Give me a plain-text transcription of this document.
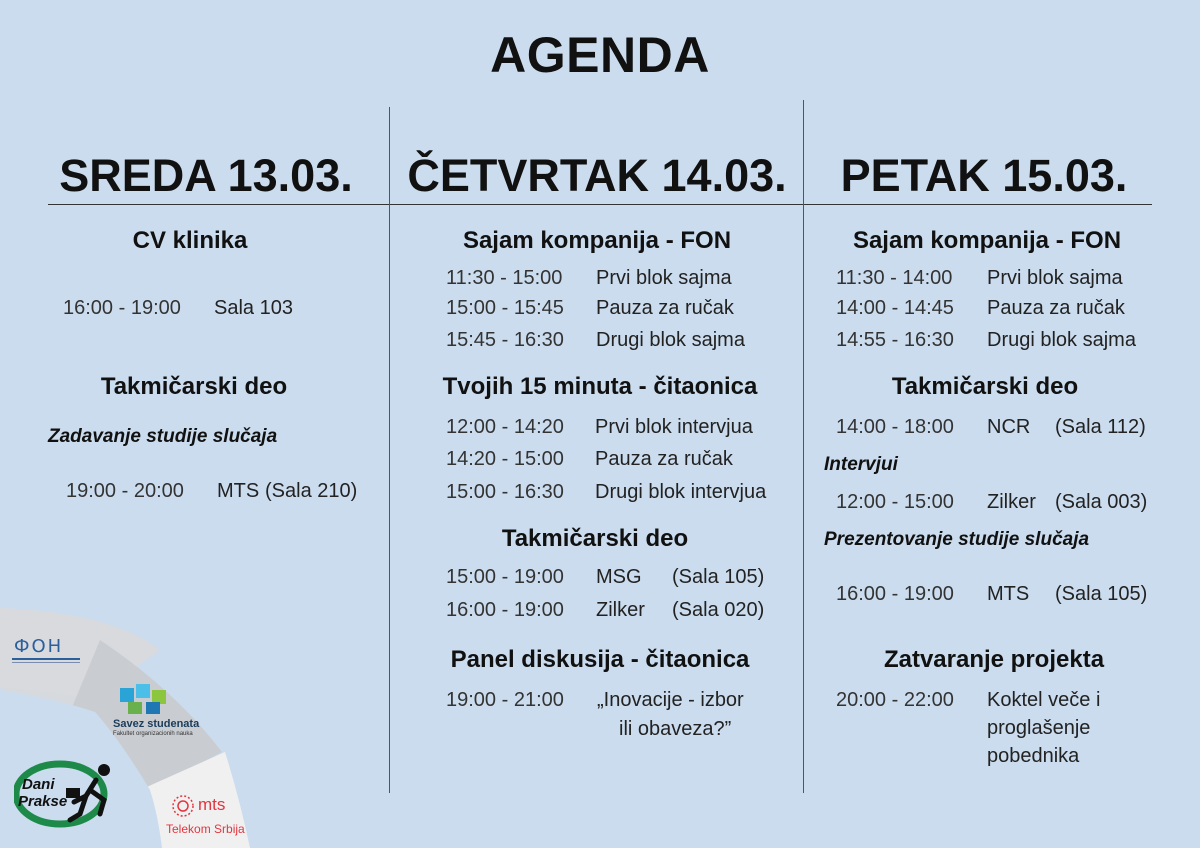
AGENDA
SREDA 13.03.	ČETVRTAK 14.03.	PETAK 15.03.
CV klinika
16:00 - 19:00 Sala 103
Takmičarski deo
Zadavanje studije slučaja
19:00 - 20:00 MTS (Sala 210)
Sajam kompanija - FON
11:30 - 15:00 Prvi blok sajma
15:00 - 15:45 Pauza za ručak
15:45 - 16:30 Drugi blok sajma
Tvojih 15 minuta - čitaonica
12:00 - 14:20 Prvi blok intervjua
14:20 - 15:00 Pauza za ručak
15:00 - 16:30 Drugi blok intervjua
Takmičarski deo
15:00 - 19:00 MSG (Sala 105)
16:00 - 19:00 Zilker (Sala 020)
Panel diskusija - čitaonica
19:00 - 21:00 „Inovacije - izbor
ili obaveza?”
Sajam kompanija - FON
11:30 - 14:00 Prvi blok sajma
14:00 - 14:45 Pauza za ručak
14:55 - 16:30 Drugi blok sajma
Takmičarski deo
14:00 - 18:00 NCR (Sala 112)
Intervjui
12:00 - 15:00 Zilker (Sala 003)
Prezentovanje studije slučaja
16:00 - 19:00 MTS (Sala 105)
Zatvaranje projekta
20:00 - 22:00 Koktel veče i
proglašenje
pobednika
ФОН
Savez studenata
Fakultet organizacionih nauka
Dani
Prakse	mts
Telekom Srbija
